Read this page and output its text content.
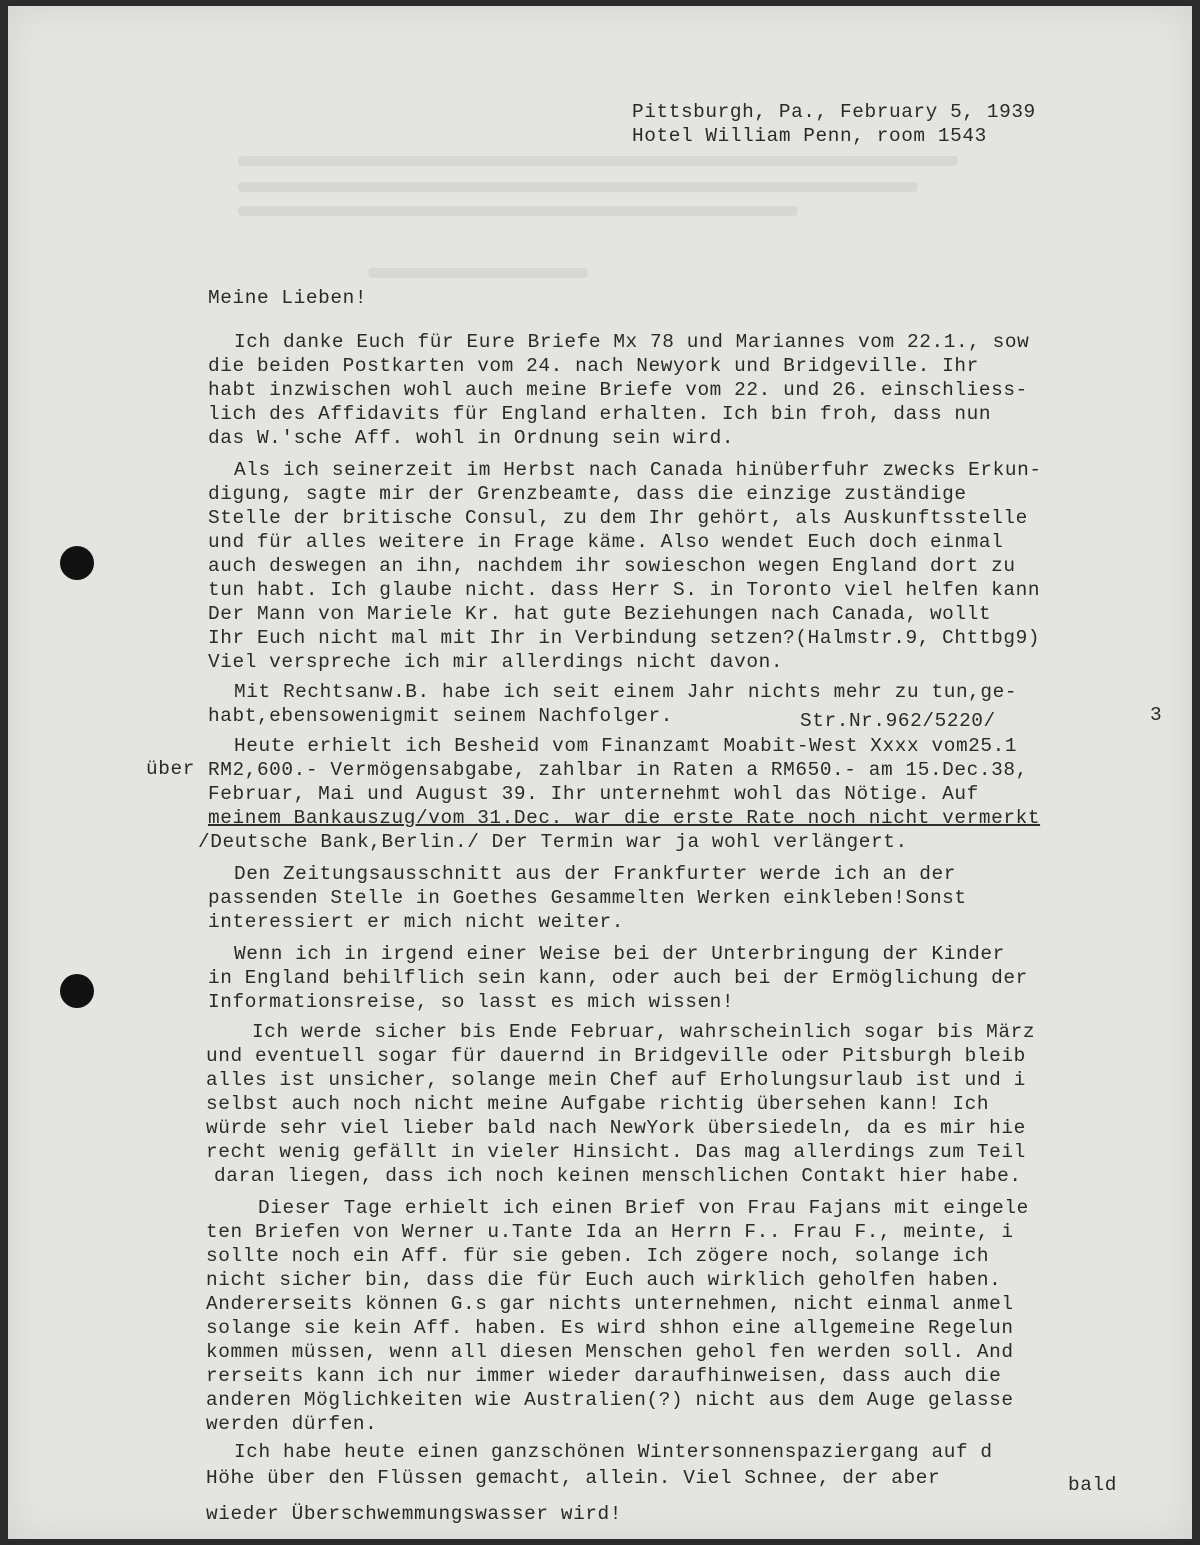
Pittsburgh, Pa., February 5, 1939
Hotel William Penn, room 1543
Meine Lieben!
Ich danke Euch für Eure Briefe Mx 78 und Mariannes vom 22.1., sow
die beiden Postkarten vom 24. nach Newyork und Bridgeville. Ihr
habt inzwischen wohl auch meine Briefe vom 22. und 26. einschliess-
lich des Affidavits für England erhalten. Ich bin froh, dass nun
das W.'sche Aff. wohl in Ordnung sein wird.
Als ich seinerzeit im Herbst nach Canada hinüberfuhr zwecks Erkun-
digung, sagte mir der Grenzbeamte, dass die einzige zuständige
Stelle der britische Consul, zu dem Ihr gehört, als Auskunftsstelle
und für alles weitere in Frage käme. Also wendet Euch doch einmal
auch deswegen an ihn, nachdem ihr sowieschon wegen England dort zu
tun habt. Ich glaube nicht. dass Herr S. in Toronto viel helfen kann
Der Mann von Mariele Kr. hat gute Beziehungen nach Canada, wollt
Ihr Euch nicht mal mit Ihr in Verbindung setzen?(Halmstr.9, Chttbg9)
Viel verspreche ich mir allerdings nicht davon.
Mit Rechtsanw.B. habe ich seit einem Jahr nichts mehr zu tun,ge-
habt,ebensowenigmit seinem Nachfolger.	Str.Nr.962/5220/	3
Heute erhielt ich Besheid vom Finanzamt Moabit-West Xxxx vom25.1
über RM2,600.- Vermögensabgabe, zahlbar in Raten a RM650.- am 15.Dec.38,
Februar, Mai und August 39. Ihr unternehmt wohl das Nötige. Auf
meinem Bankauszug/vom 31.Dec. war die erste Rate noch nicht vermerkt
/Deutsche Bank,Berlin./ Der Termin war ja wohl verlängert.
Den Zeitungsausschnitt aus der Frankfurter werde ich an der
passenden Stelle in Goethes Gesammelten Werken einkleben!Sonst
interessiert er mich nicht weiter.
Wenn ich in irgend einer Weise bei der Unterbringung der Kinder
in England behilflich sein kann, oder auch bei der Ermöglichung der
Informationsreise, so lasst es mich wissen!
Ich werde sicher bis Ende Februar, wahrscheinlich sogar bis März
und eventuell sogar für dauernd in Bridgeville oder Pitsburgh bleib
alles ist unsicher, solange mein Chef auf Erholungsurlaub ist und i
selbst auch noch nicht meine Aufgabe richtig übersehen kann! Ich
würde sehr viel lieber bald nach NewYork übersiedeln, da es mir hie
recht wenig gefällt in vieler Hinsicht. Das mag allerdings zum Teil
daran liegen, dass ich noch keinen menschlichen Contakt hier habe.
Dieser Tage erhielt ich einen Brief von Frau Fajans mit eingele
ten Briefen von Werner u.Tante Ida an Herrn F.. Frau F., meinte, i
sollte noch ein Aff. für sie geben. Ich zögere noch, solange ich
nicht sicher bin, dass die für Euch auch wirklich geholfen haben.
Andererseits können G.s gar nichts unternehmen, nicht einmal anmel
solange sie kein Aff. haben. Es wird shhon eine allgemeine Regelun
kommen müssen, wenn all diesen Menschen gehol fen werden soll. And
rerseits kann ich nur immer wieder daraufhinweisen, dass auch die
anderen Möglichkeiten wie Australien(?) nicht aus dem Auge gelasse
werden dürfen.
Ich habe heute einen ganzschönen Wintersonnenspaziergang auf d
Höhe über den Flüssen gemacht, allein. Viel Schnee, der aber	bald
wieder Überschwemmungswasser wird!
